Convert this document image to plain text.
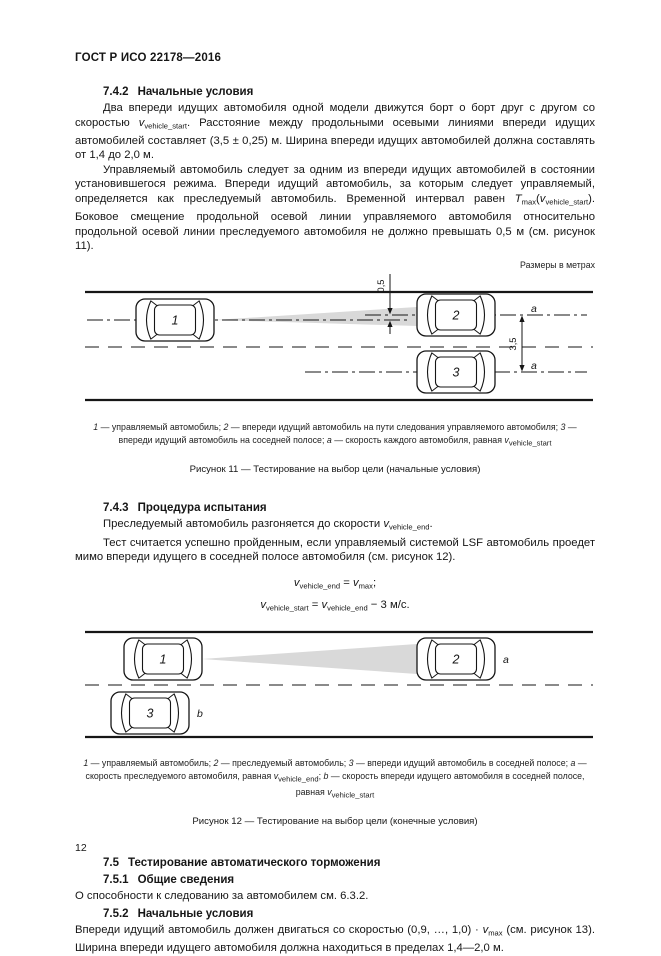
ГОСТ Р ИСО 22178—2016
7.4.2 Начальные условия

Два впереди идущих автомобиля одной модели движутся борт о борт друг с другом со скоростью $v_{vehicle\_start}$. Расстояние между продольными осевыми линиями впереди идущих автомобилей составляет (3,5 ± 0,25) м. Ширина впереди идущих автомобилей должна составлять от 1,4 до 2,0 м.

Управляемый автомобиль следует за одним из впереди идущих автомобилей в состоянии установившегося режима. Впереди идущий автомобиль, за которым следует управляемый, определяется как преследуемый автомобиль. Временной интервал равен $T_{max}(v_{vehicle\_start})$. Боковое смещение продольной осевой линии управляемого автомобиля относительно продольной осевой линии преследуемого автомобиля не должно превышать 0,5 м (см. рисунок 11).

Размеры в метрах
1	2
3
0,5
3,5
а
а
1 — управляемый автомобиль; 2 — впереди идущий автомобиль на пути следования управляемого автомобиля; 3 — впереди идущий автомобиль на соседней полосе; а — скорость каждого автомобиля, равная vvehicle_start
Рисунок 11 — Тестирование на выбор цели (начальные условия)
7.4.3 Процедура испытания

Преследуемый автомобиль разгоняется до скорости $v_{vehicle\_end}$.

Тест считается успешно пройденным, если управляемый системой LSF автомобиль проедет мимо впереди идущего в соседней полосе автомобиля (см. рисунок 12).

$v_{vehicle\_end} = v_{max}$;
$v_{vehicle\_start} = v_{vehicle\_end} - 3$ м/с.
1	2
3
а
b
1 — управляемый автомобиль; 2 — преследуемый автомобиль; 3 — впереди идущий автомобиль в соседней полосе; а — скорость преследуемого автомобиля, равная vvehicle_end; b — скорость впереди идущего автомобиля в соседней полосе, равная vvehicle_start
Рисунок 12 — Тестирование на выбор цели (конечные условия)
7.5 Тестирование автоматического торможения
7.5.1 Общие сведения

О способности к следованию за автомобилем см. 6.3.2.

7.5.2 Начальные условия

Впереди идущий автомобиль должен двигаться со скоростью (0,9, …, $1,0) \cdot v_{max}$ (см. рисунок 13). Ширина впереди идущего автомобиля должна находиться в пределах 1,4—2,0 м.

12
